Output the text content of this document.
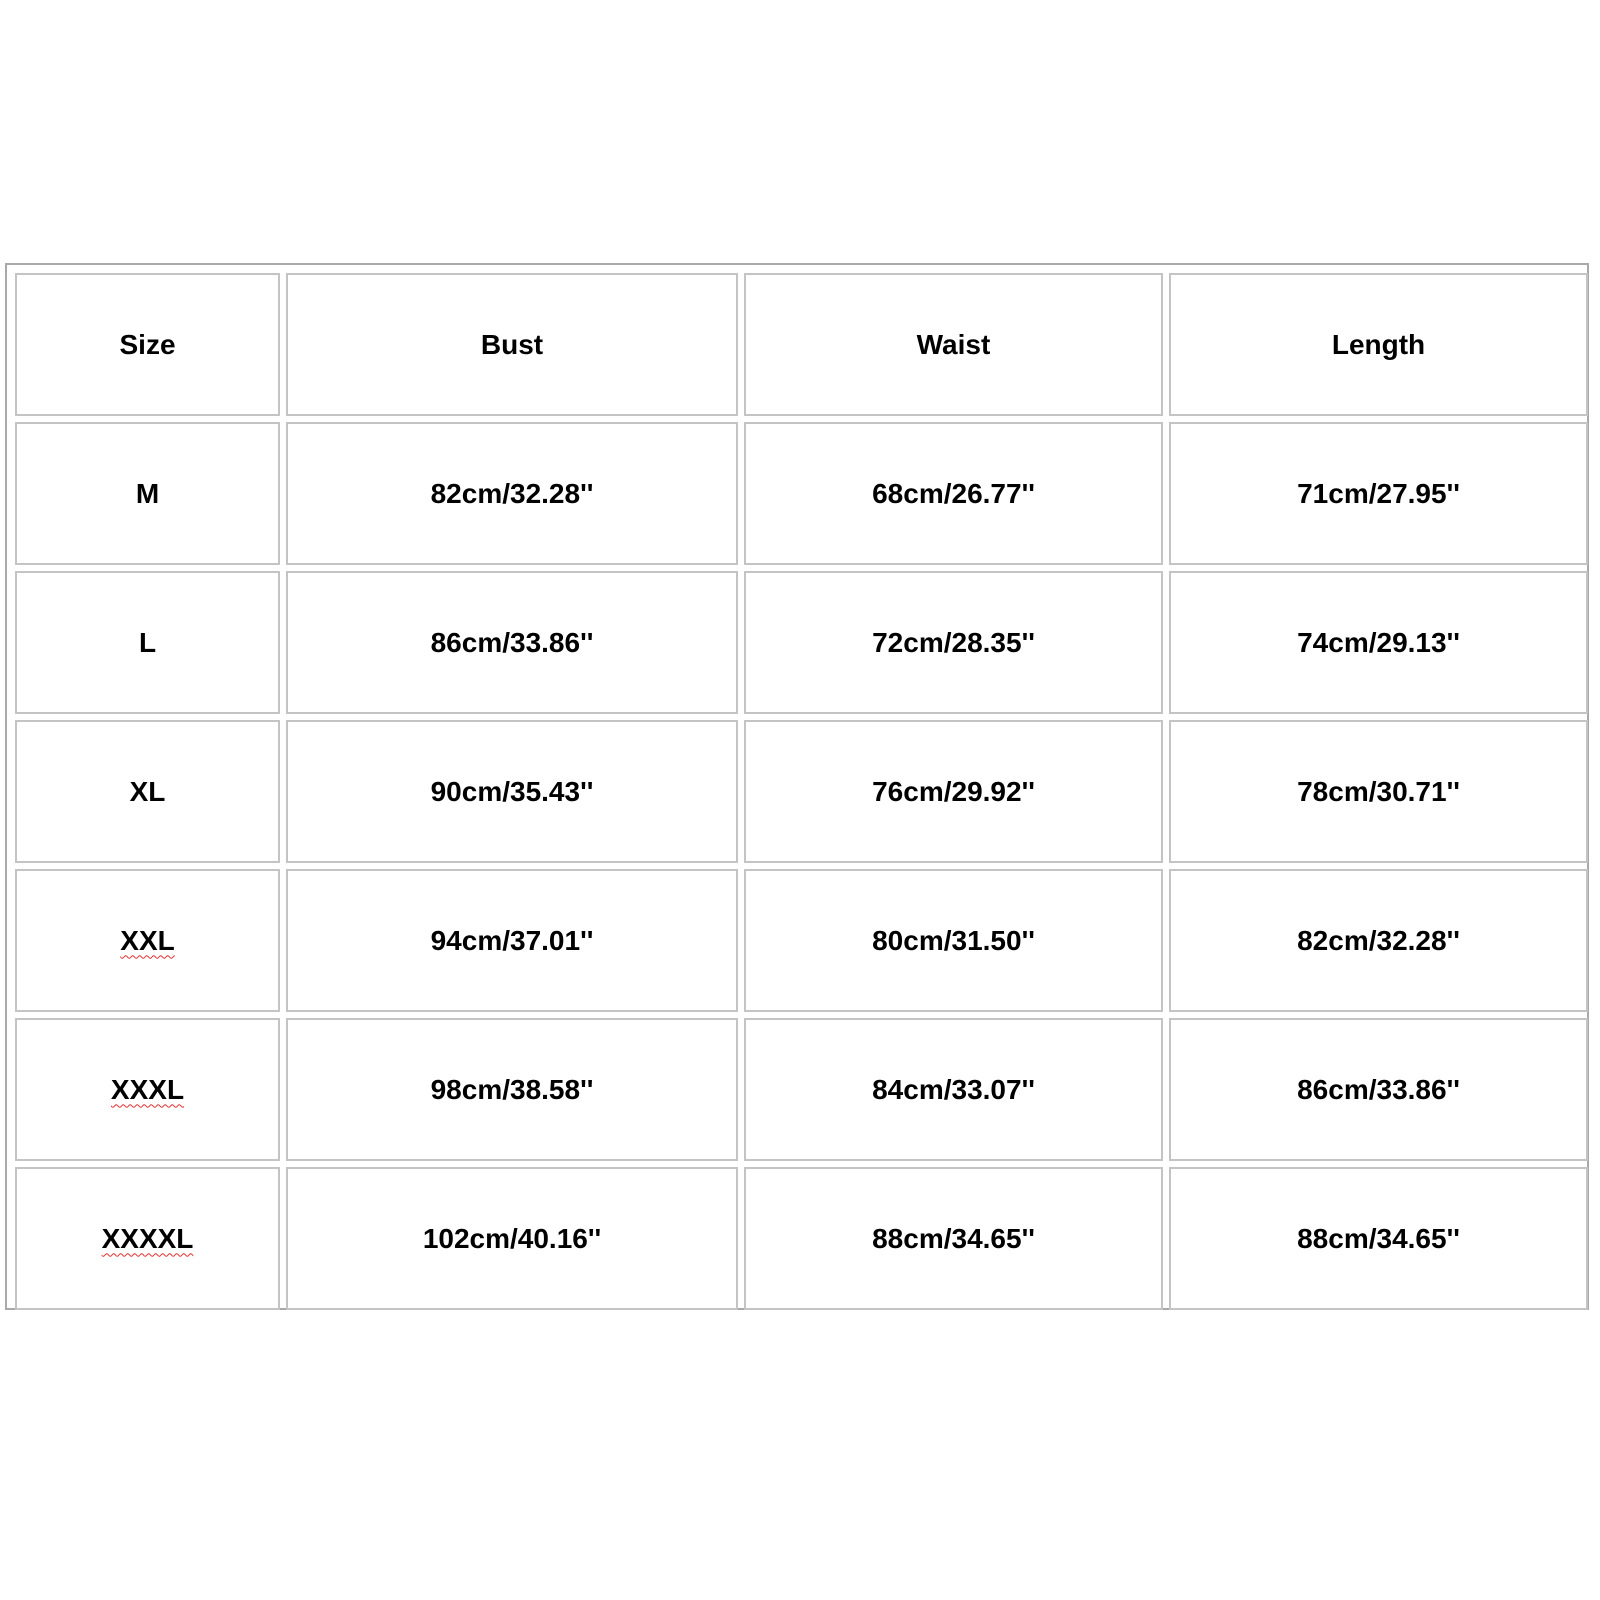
Size	Bust	Waist	Length
M	82cm/32.28''	68cm/26.77''	71cm/27.95''
L	86cm/33.86''	72cm/28.35''	74cm/29.13''
XL	90cm/35.43''	76cm/29.92''	78cm/30.71''
XXL	94cm/37.01''	80cm/31.50''	82cm/32.28''
XXXL	98cm/38.58''	84cm/33.07''	86cm/33.86''
XXXXL	102cm/40.16''	88cm/34.65''	88cm/34.65''
